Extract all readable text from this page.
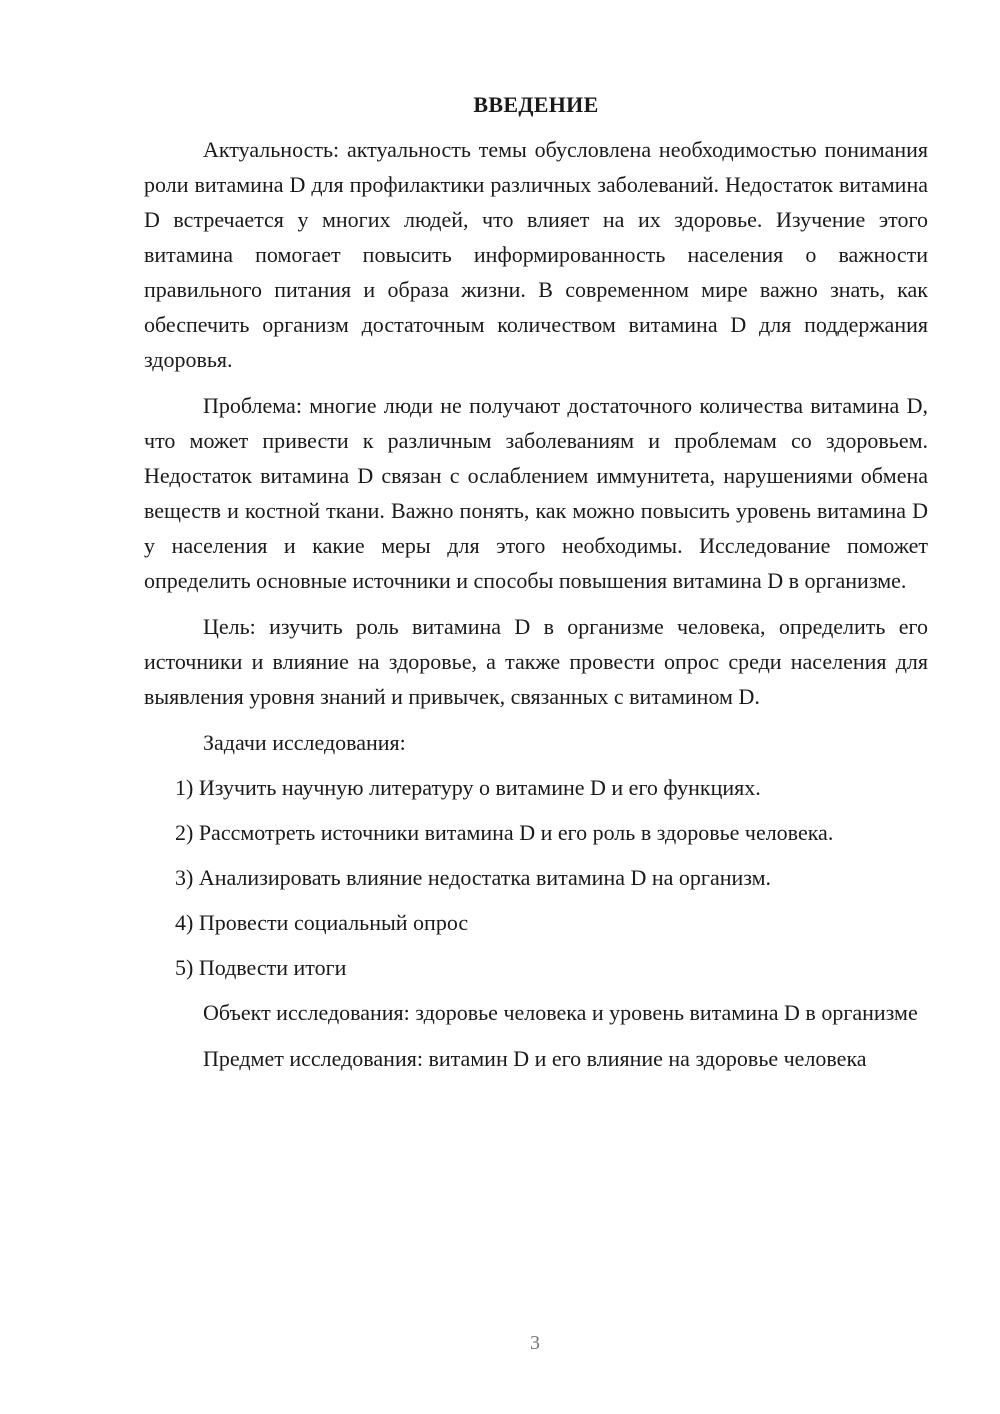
ВВЕДЕНИЕ

Актуальность: актуальность темы обусловлена необходимостью понимания роли витамина D для профилактики различных заболеваний. Недостаток витамина D встречается у многих людей, что влияет на их здоровье. Изучение этого витамина помогает повысить информированность населения о важности правильного питания и образа жизни. В современном мире важно знать, как обеспечить организм достаточным количеством витамина D для поддержания здоровья.

Проблема: многие люди не получают достаточного количества витамина D, что может привести к различным заболеваниям и проблемам со здоровьем. Недостаток витамина D связан с ослаблением иммунитета, нарушениями обмена веществ и костной ткани. Важно понять, как можно повысить уровень витамина D у населения и какие меры для этого необходимы. Исследование поможет определить основные источники и способы повышения витамина D в организме.

Цель: изучить роль витамина D в организме человека, определить его источники и влияние на здоровье, а также провести опрос среди населения для выявления уровня знаний и привычек, связанных с витамином D.

Задачи исследования:

1) Изучить научную литературу о витамине D и его функциях.
2) Рассмотреть источники витамина D и его роль в здоровье человека.
3) Анализировать влияние недостатка витамина D на организм.
4) Провести социальный опрос
5) Подвести итоги

Объект исследования: здоровье человека и уровень витамина D в организме

Предмет исследования: витамин D и его влияние на здоровье человека

3
